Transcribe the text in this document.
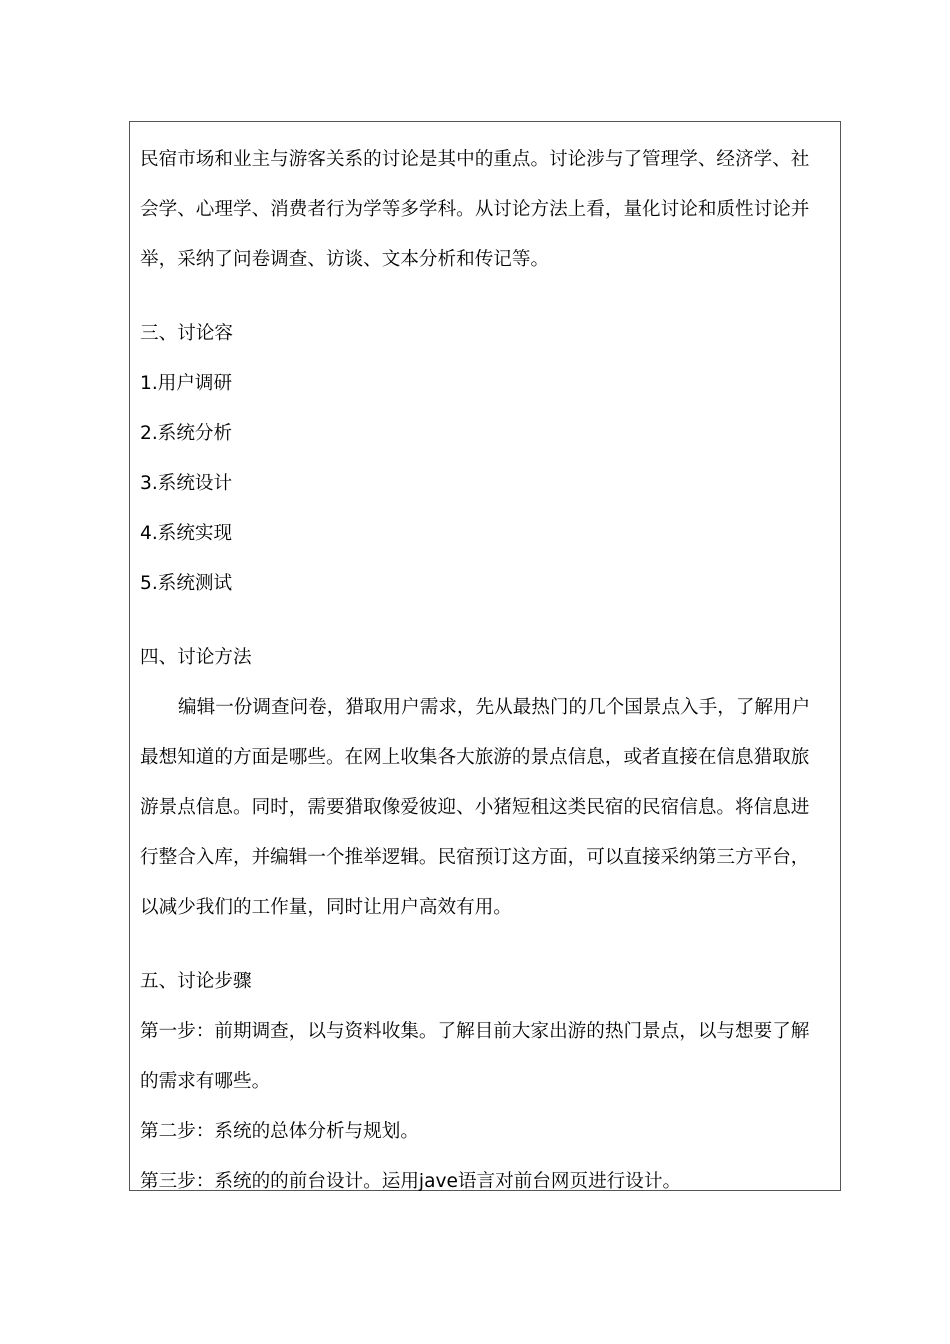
民宿市场和业主与游客关系的讨论是其中的重点。讨论涉与了管理学、经济学、社
会学、心理学、消费者行为学等多学科。从讨论方法上看，量化讨论和质性讨论并
举，采纳了问卷调查、访谈、文本分析和传记等。
三、讨论容
1.用户调研
2.系统分析
3.系统设计
4.系统实现
5.系统测试
四、讨论方法
编辑一份调查问卷，猎取用户需求，先从最热门的几个国景点入手，了解用户
最想知道的方面是哪些。在网上收集各大旅游的景点信息，或者直接在信息猎取旅
游景点信息。同时，需要猎取像爱彼迎、小猪短租这类民宿的民宿信息。将信息进
行整合入库，并编辑一个推举逻辑。民宿预订这方面，可以直接采纳第三方平台，
以减少我们的工作量，同时让用户高效有用。
五、讨论步骤
第一步：前期调查，以与资料收集。了解目前大家出游的热门景点，以与想要了解
的需求有哪些。
第二步：系统的总体分析与规划。
第三步：系统的的前台设计。运用jave语言对前台网页进行设计。
